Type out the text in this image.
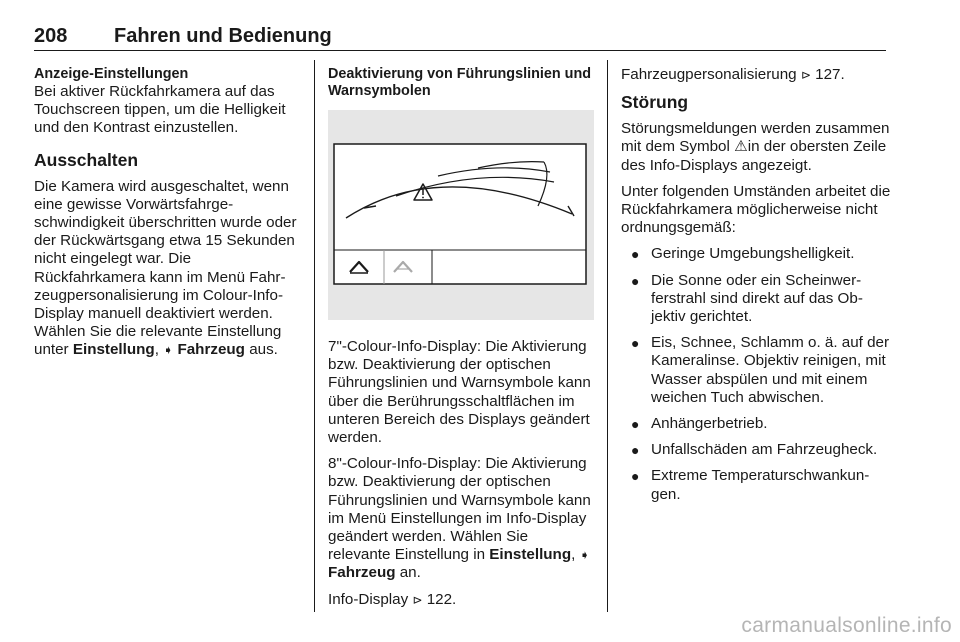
208 Fahren und Bedienung

Anzeige-Einstellungen

Bei aktiver Rückfahrkamera auf das Touchscreen tippen, um die Helligkeit und den Kontrast einzustellen.

Ausschalten

Die Kamera wird ausgeschaltet, wenn eine gewisse Vorwärtsfahrgeschwindigkeit überschritten wurde oder der Rückwärtsgang etwa 15 Sekunden nicht eingelegt war. Die Rückfahrkamera kann im Menü Fahrzeugpersonalisierung im Colour-Info-Display manuell deaktiviert werden. Wählen Sie die relevante Einstellung unter Einstellung, ➧ Fahrzeug aus.

Deaktivierung von Führungslinien und Warnsymbolen

7"-Colour-Info-Display: Die Aktivierung bzw. Deaktivierung der optischen Führungslinien und Warnsymbole kann über die Berührungsschaltflächen im unteren Bereich des Displays geändert werden.

8"-Colour-Info-Display: Die Aktivierung bzw. Deaktivierung der optischen Führungslinien und Warnsymbole kann im Menü Einstellungen im Info-Display geändert werden. Wählen Sie relevante Einstellung in Einstellung, ➧ Fahrzeug an.

Info-Display ⊳ 122.

Fahrzeugpersonalisierung ⊳ 127.

Störung

Störungsmeldungen werden zusammen mit dem Symbol ⚠in der obersten Zeile des Info-Displays angezeigt.

Unter folgenden Umständen arbeitet die Rückfahrkamera möglicherweise nicht ordnungsgemäß:

● Geringe Umgebungshelligkeit.
● Die Sonne oder ein Scheinwerferstrahl sind direkt auf das Objektiv gerichtet.
● Eis, Schnee, Schlamm o. ä. auf der Kameralinse. Objektiv reinigen, mit Wasser abspülen und mit einem weichen Tuch abwischen.
● Anhängerbetrieb.
● Unfallschäden am Fahrzeugheck.
● Extreme Temperaturschwankungen.
carmanualsonline.info
